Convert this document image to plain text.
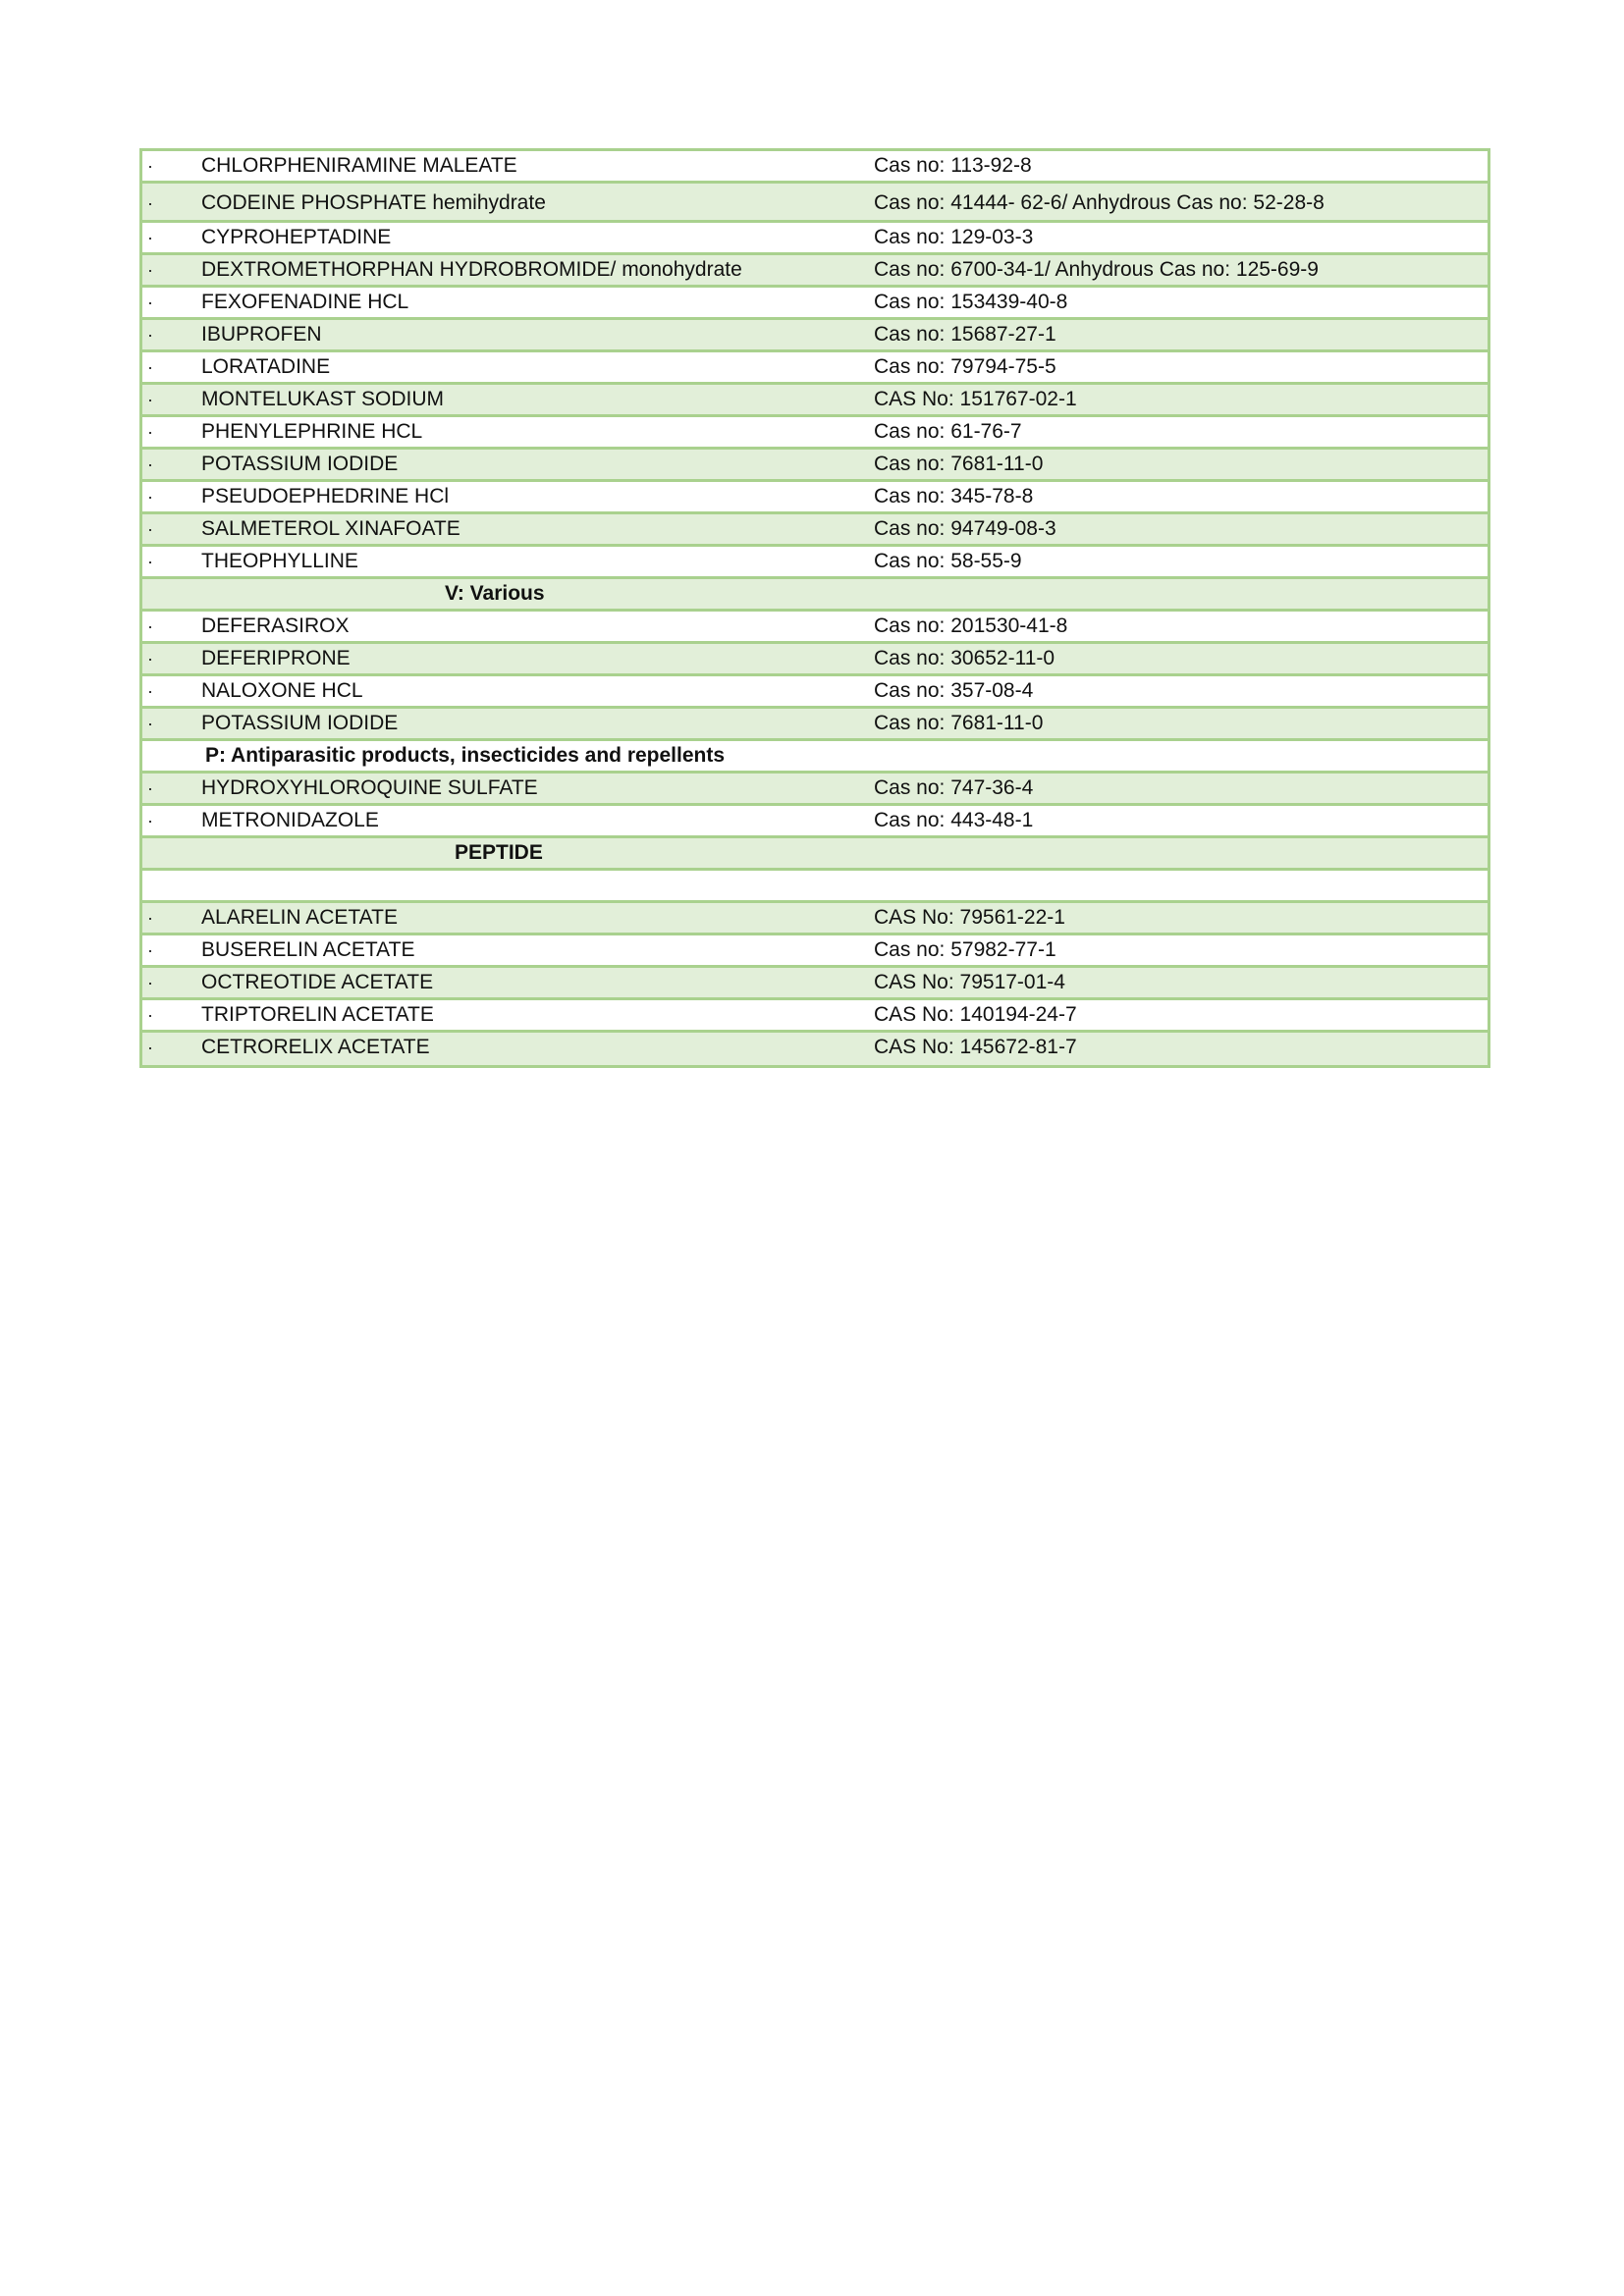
· CHLORPHENIRAMINE MALEATE	Cas no: 113-92-8
· CODEINE PHOSPHATE hemihydrate	Cas no: 41444- 62-6/ Anhydrous Cas no: 52-28-8
· CYPROHEPTADINE	Cas no: 129-03-3
· DEXTROMETHORPHAN HYDROBROMIDE/ monohydrate	Cas no: 6700-34-1/ Anhydrous Cas no: 125-69-9
· FEXOFENADINE HCL	Cas no: 153439-40-8
· IBUPROFEN	Cas no: 15687-27-1
· LORATADINE	Cas no: 79794-75-5
· MONTELUKAST SODIUM	CAS No: 151767-02-1
· PHENYLEPHRINE HCL	Cas no: 61-76-7
· POTASSIUM IODIDE	Cas no: 7681-11-0
· PSEUDOEPHEDRINE HCl	Cas no: 345-78-8
· SALMETEROL XINAFOATE	Cas no: 94749-08-3
· THEOPHYLLINE	Cas no: 58-55-9
V: Various
· DEFERASIROX	Cas no: 201530-41-8
· DEFERIPRONE	Cas no: 30652-11-0
· NALOXONE HCL	Cas no: 357-08-4
· POTASSIUM IODIDE	Cas no: 7681-11-0
P: Antiparasitic products, insecticides and repellents
· HYDROXYHLOROQUINE SULFATE	Cas no: 747-36-4
· METRONIDAZOLE	Cas no: 443-48-1
PEPTIDE
· ALARELIN ACETATE	CAS No: 79561-22-1
· BUSERELIN ACETATE	Cas no: 57982-77-1
· OCTREOTIDE ACETATE	CAS No: 79517-01-4
· TRIPTORELIN ACETATE	CAS No: 140194-24-7
· CETRORELIX ACETATE	CAS No: 145672-81-7
